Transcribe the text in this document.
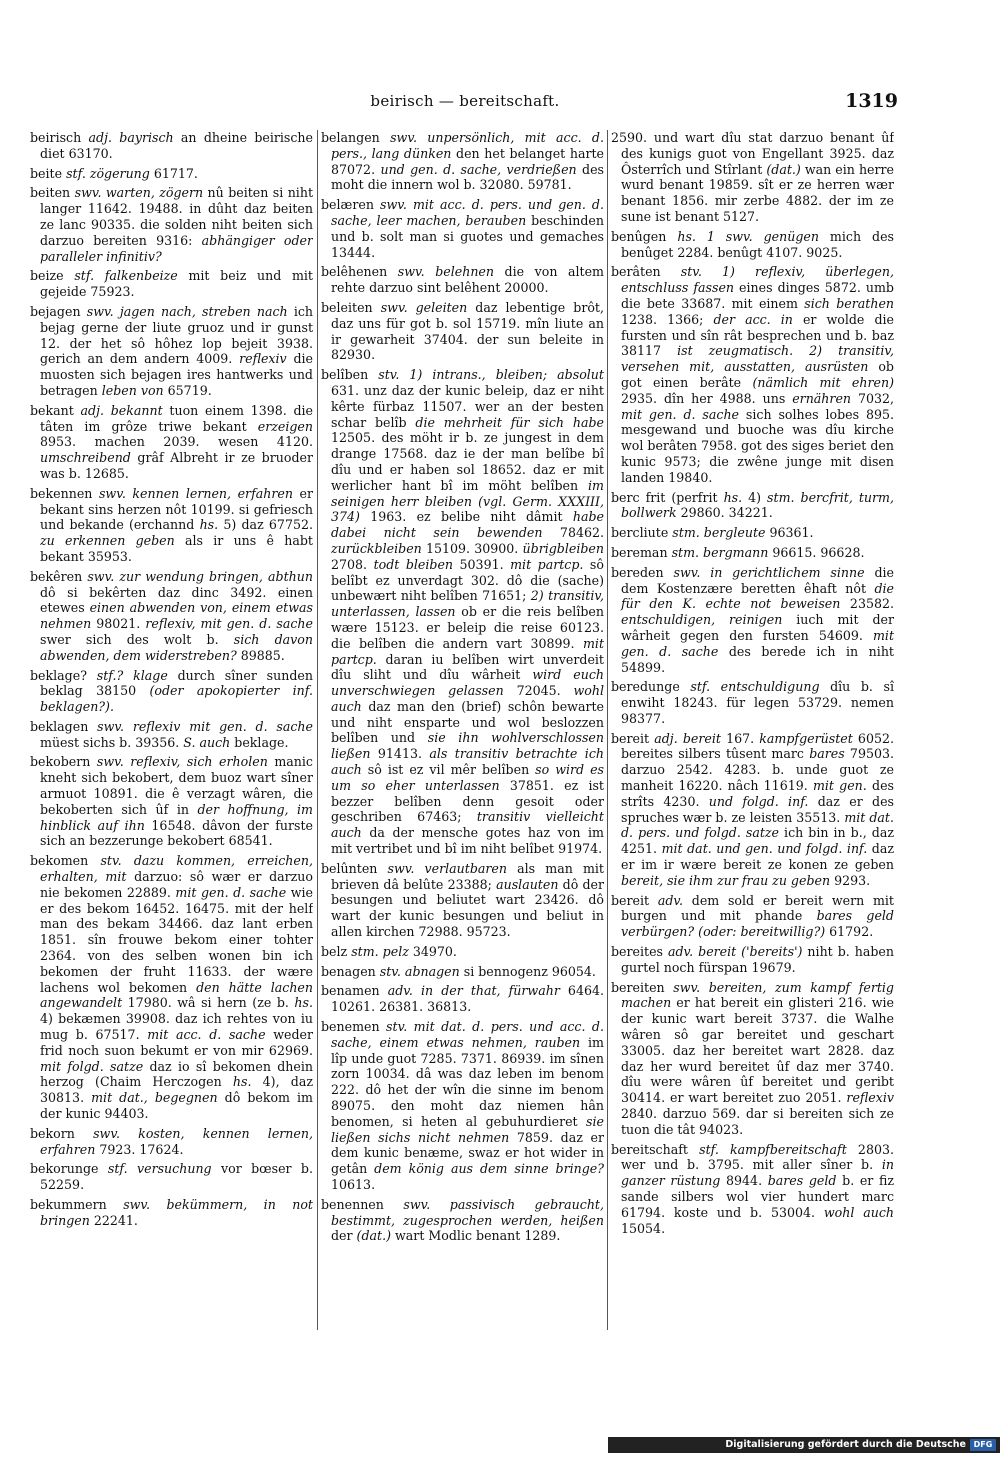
beirisch — bereitschaft.	1319

beirisch adj. bayrisch an dheine beirische diet 63170.

beite stf. zögerung 61717.

beiten swv. warten, zögern nû beiten si niht langer 11642. 19488. in dûht daz beiten ze lanc 90335. die solden niht beiten sich darzuo bereiten 9316: abhängiger oder paralleler infinitiv?

beize stf. falkenbeize mit beiz und mit gejeide 75923.

bejagen swv. jagen nach, streben nach ich bejag gerne der liute gruoz und ir gunst 12. der het sô hôhez lop bejeit 3938. gerich an dem andern 4009. reflexiv die muosten sich bejagen ires hantwerks und betragen leben von 65719.

bekant adj. bekannt tuon einem 1398. die tâten im grôze triwe bekant erzeigen 8953. machen 2039. wesen 4120. umschreibend grâf Albreht ir ze bruoder was b. 12685.

bekennen swv. kennen lernen, erfahren er bekant sins herzen nôt 10199. si gefriesch und bekande (erchannd hs. 5) daz 67752. zu erkennen geben als ir uns ê habt bekant 35953.

bekêren swv. zur wendung bringen, abthun dô si bekêrten daz dinc 3492. einen etewes einen abwenden von, einem etwas nehmen 98021. reflexiv, mit gen. d. sache swer sich des wolt b. sich davon abwenden, dem widerstreben? 89885.

beklage? stf.? klage durch sîner sunden beklag 38150 (oder apokopierter inf. beklagen?).

beklagen swv. reflexiv mit gen. d. sache müest sichs b. 39356. S. auch beklage.

bekobern swv. reflexiv, sich erholen manic kneht sich bekobert, dem buoz wart sîner armuot 10891. die ê verzagt wâren, die bekoberten sich ûf in der hoffnung, im hinblick auf ihn 16548. dâvon der furste sich an bezzerunge bekobert 68541.

bekomen stv. dazu kommen, erreichen, erhalten, mit darzuo: sô wær er darzuo nie bekomen 22889. mit gen. d. sache wie er des bekom 16452. 16475. mit der helf man des bekam 34466. daz lant erben 1851. sîn frouwe bekom einer tohter 2364. von des selben wonen bin ich bekomen der fruht 11633. der wære lachens wol bekomen den hätte lachen angewandelt 17980. wâ si hern (ze b. hs. 4) bekæmen 39908. daz ich rehtes von iu mug b. 67517. mit acc. d. sache weder frid noch suon bekumt er von mir 62969. mit folgd. satze daz io sî bekomen dhein herzog (Chaim Herczogen hs. 4), daz 30813. mit dat., begegnen dô bekom im der kunic 94403.

bekorn swv. kosten, kennen lernen, erfahren 7923. 17624.

bekorunge stf. versuchung vor bœser b. 52259.

bekummern swv. bekümmern, in not bringen 22241.

belangen swv. unpersönlich, mit acc. d. pers., lang dünken den het belanget harte 87072. und gen. d. sache, verdrießen des moht die innern wol b. 32080. 59781.

belæren swv. mit acc. d. pers. und gen. d. sache, leer machen, berauben beschinden und b. solt man si guotes und gemaches 13444.

belêhenen swv. belehnen die von altem rehte darzuo sint belêhent 20000.

beleiten swv. geleiten daz lebentige brôt, daz uns für got b. sol 15719. mîn liute an ir gewarheit 37404. der sun beleite in 82930.

belîben stv. 1) intrans., bleiben; absolut 631. unz daz der kunic beleip, daz er niht kêrte fürbaz 11507. wer an der besten schar belîb die mehrheit für sich habe 12505. des möht ir b. ze jungest in dem drange 17568. daz ie der man belîbe bî dîu und er haben sol 18652. daz er mit werlicher hant bî im möht belîben im seinigen herr bleiben (vgl. Germ. XXXIII, 374) 1963. ez belibe niht dâmit habe dabei nicht sein bewenden 78462. zurückbleiben 15109. 30900. übrigbleiben 2708. todt bleiben 50391. mit partcp. sô belîbt ez unverdagt 302. dô die (sache) unbewært niht belîben 71651; 2) transitiv, unterlassen, lassen ob er die reis belîben wære 15123. er beleip die reise 60123. die belîben die andern vart 30899. mit partcp. daran iu belîben wirt unverdeit dîu sliht und dîu wârheit wird euch unverschwiegen gelassen 72045. wohl auch daz man den (brief) schôn bewarte und niht ensparte und wol beslozzen belîben und sie ihn wohlverschlossen ließen 91413. als transitiv betrachte ich auch sô ist ez vil mêr belîben so wird es um so eher unterlassen 37851. ez ist bezzer belîben denn gesoit oder geschriben 67463; transitiv vielleicht auch da der mensche gotes haz von im mit vertribet und bî im niht belîbet 91974.

belûnten swv. verlautbaren als man mit brieven dâ belûte 23388; auslauten dô der besungen und beliutet wart 23426. dô wart der kunic besungen und beliut in allen kirchen 72988. 95723.

belz stm. pelz 34970.

benagen stv. abnagen si bennogenz 96054.

benamen adv. in der that, fürwahr 6464. 10261. 26381. 36813.

benemen stv. mit dat. d. pers. und acc. d. sache, einem etwas nehmen, rauben im lîp unde guot 7285. 7371. 86939. im sînen zorn 10034. dâ was daz leben im benom 222. dô het der wîn die sinne im benom 89075. den moht daz niemen hân benomen, si heten al gebuhurdieret sie ließen sichs nicht nehmen 7859. daz er dem kunic benæme, swaz er hot wider in getân dem könig aus dem sinne bringe? 10613.

benennen swv. passivisch gebraucht, bestimmt, zugesprochen werden, heißen der (dat.) wart Modlic benant 1289.

2590. und wart dîu stat darzuo benant ûf des kunigs guot von Engellant 3925. daz Ôsterrîch und Stîrlant (dat.) wan ein herre wurd benant 19859. sît er ze herren wær benant 1856. mir zerbe 4882. der im ze sune ist benant 5127.

benûgen hs. 1 swv. genügen mich des benûget 2284. benûgt 4107. 9025.

berâten stv. 1) reflexiv, überlegen, entschluss fassen eines dinges 5872. umb die bete 33687. mit einem sich berathen 1238. 1366; der acc. in er wolde die fursten und sîn rât besprechen und b. baz 38117 ist zeugmatisch. 2) transitiv, versehen mit, ausstatten, ausrüsten ob got einen berâte (nämlich mit ehren) 2935. dîn her 4988. uns ernähren 7032, mit gen. d. sache sich solhes lobes 895. mesgewand und buoche was dîu kirche wol berâten 7958. got des siges beriet den kunic 9573; die zwêne junge mit disen landen 19840.

berc frit (perfrit hs. 4) stm. bercfrit, turm, bollwerk 29860. 34221.

bercliute stm. bergleute 96361.

bereman stm. bergmann 96615. 96628.

bereden swv. in gerichtlichem sinne die dem Kostenzære beretten êhaft nôt die für den K. echte not beweisen 23582. entschuldigen, reinigen iuch mit der wârheit gegen den fursten 54609. mit gen. d. sache des berede ich in niht 54899.

beredunge stf. entschuldigung dîu b. sî enwiht 18243. für legen 53729. nemen 98377.

bereit adj. bereit 167. kampfgerüstet 6052. bereites silbers tûsent marc bares 79503. darzuo 2542. 4283. b. unde guot ze manheit 16220. nâch 11619. mit gen. des strîts 4230. und folgd. inf. daz er des spruches wær b. ze leisten 35513. mit dat. d. pers. und folgd. satze ich bin in b., daz 4251. mit dat. und gen. und folgd. inf. daz er im ir wære bereit ze konen ze geben bereit, sie ihm zur frau zu geben 9293.

bereit adv. dem sold er bereit wern mit burgen und mit phande bares geld verbürgen? (oder: bereitwillig?) 61792.

bereites adv. bereit ('bereits') niht b. haben gurtel noch fürspan 19679.

bereiten swv. bereiten, zum kampf fertig machen er hat bereit ein glisteri 216. wie der kunic wart bereit 3737. die Walhe wâren sô gar bereitet und geschart 33005. daz her bereitet wart 2828. daz daz her wurd bereitet ûf daz mer 3740. dîu were wâren ûf bereitet und geribt 30414. er wart bereitet zuo 2051. reflexiv 2840. darzuo 569. dar si bereiten sich ze tuon die tât 94023.

bereitschaft stf. kampfbereitschaft 2803. wer und b. 3795. mit aller sîner b. in ganzer rüstung 8944. bares geld b. er fiz sande silbers wol vier hundert marc 61794. koste und b. 53004. wohl auch 15054.

Digitalisierung gefördert durch die Deutsche Forschungsgemeinschaft -
DFG
